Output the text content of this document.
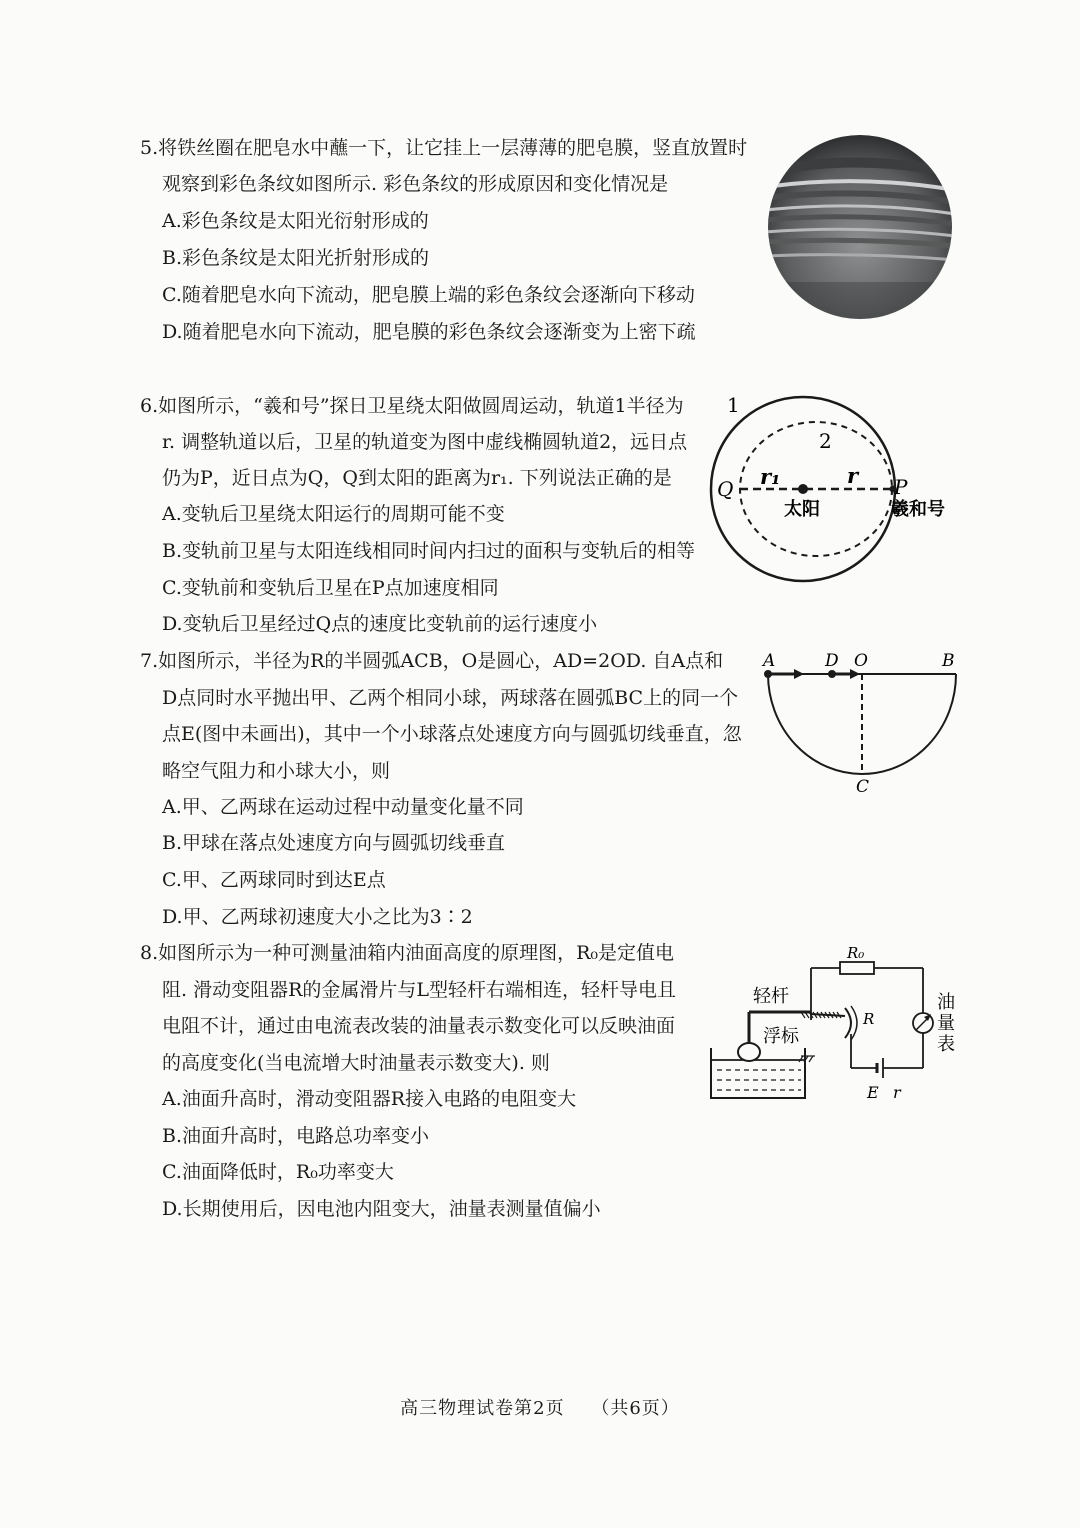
5.将铁丝圈在肥皂水中蘸一下，让它挂上一层薄薄的肥皂膜，竖直放置时
观察到彩色条纹如图所示. 彩色条纹的形成原因和变化情况是
A.彩色条纹是太阳光衍射形成的
B.彩色条纹是太阳光折射形成的
C.随着肥皂水向下流动，肥皂膜上端的彩色条纹会逐渐向下移动
D.随着肥皂水向下流动，肥皂膜的彩色条纹会逐渐变为上密下疏
6.如图所示，“羲和号”探日卫星绕太阳做圆周运动，轨道1半径为
r. 调整轨道以后，卫星的轨道变为图中虚线椭圆轨道2，远日点
仍为P，近日点为Q，Q到太阳的距离为r₁. 下列说法正确的是
A.变轨后卫星绕太阳运行的周期可能不变
B.变轨前卫星与太阳连线相同时间内扫过的面积与变轨后的相等
C.变轨前和变轨后卫星在P点加速度相同
D.变轨后卫星经过Q点的速度比变轨前的运行速度小
1
2
r₁	r
Q	P
太阳	羲和号
7.如图所示，半径为R的半圆弧ACB，O是圆心，AD=2OD. 自A点和
D点同时水平抛出甲、乙两个相同小球，两球落在圆弧BC上的同一个
点E(图中未画出)，其中一个小球落点处速度方向与圆弧切线垂直，忽
略空气阻力和小球大小，则
A.甲、乙两球在运动过程中动量变化量不同
B.甲球在落点处速度方向与圆弧切线垂直
C.甲、乙两球同时到达E点
D.甲、乙两球初速度大小之比为3∶2
A	D O	B
C
8.如图所示为一种可测量油箱内油面高度的原理图，R₀是定值电
阻. 滑动变阻器R的金属滑片与L型轻杆右端相连，轻杆导电且
电阻不计，通过由电流表改装的油量表示数变化可以反映油面
的高度变化(当电流增大时油量表示数变大). 则
A.油面升高时，滑动变阻器R接入电路的电阻变大
B.油面升高时，电路总功率变小
C.油面降低时，R₀功率变大
D.长期使用后，因电池内阻变大，油量表测量值偏小
R₀
油
量
表
E r
R
轻杆
浮标
高三物理试卷第2页 （共6页）
